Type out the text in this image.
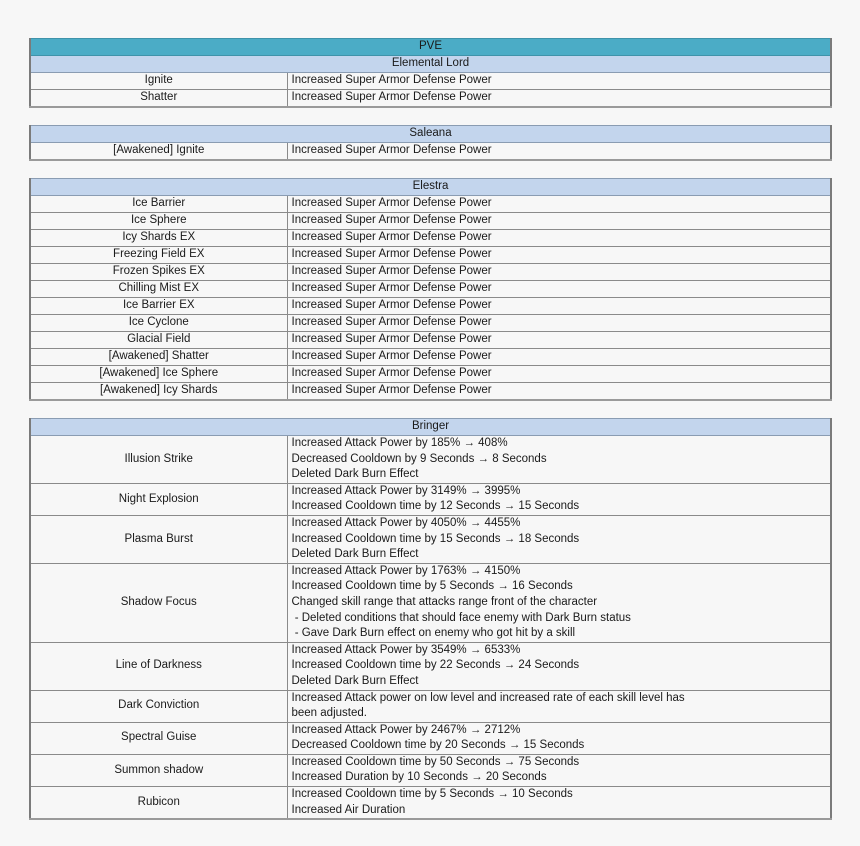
PVE	
Elemental Lord	
Ignite	Increased Super Armor Defense Power

Shatter	Increased Super Armor Defense Power
Saleana
[Awakened] Ignite	Increased Super Armor Defense Power
Elestra	
Ice Barrier	Increased Super Armor Defense Power

Ice Sphere	Increased Super Armor Defense Power

Icy Shards EX	Increased Super Armor Defense Power

Freezing Field EX	Increased Super Armor Defense Power

Frozen Spikes EX	Increased Super Armor Defense Power

Chilling Mist EX	Increased Super Armor Defense Power

Ice Barrier EX	Increased Super Armor Defense Power

Ice Cyclone	Increased Super Armor Defense Power

Glacial Field	Increased Super Armor Defense Power

[Awakened] Shatter	Increased Super Armor Defense Power

[Awakened] Ice Sphere	Increased Super Armor Defense Power

[Awakened] Icy Shards	Increased Super Armor Defense Power
Bringer	
Illusion Strike	Increased Attack Power by 185% → 408%
Decreased Cooldown by 9 Seconds → 8 Seconds
Deleted Dark Burn Effect

Night Explosion	Increased Attack Power by 3149% → 3995%
Increased Cooldown time by 12 Seconds → 15 Seconds

Plasma Burst	Increased Attack Power by 4050% → 4455%
Increased Cooldown time by 15 Seconds → 18 Seconds
Deleted Dark Burn Effect

Shadow Focus	Increased Attack Power by 1763% → 4150%
Increased Cooldown time by 5 Seconds → 16 Seconds
Changed skill range that attacks range front of the character
- Deleted conditions that should face enemy with Dark Burn status
- Gave Dark Burn effect on enemy who got hit by a skill

Line of Darkness	Increased Attack Power by 3549% → 6533%
Increased Cooldown time by 22 Seconds → 24 Seconds
Deleted Dark Burn Effect

Dark Conviction	Increased Attack power on low level and increased rate of each skill level has
been adjusted.

Spectral Guise	Increased Attack Power by 2467% → 2712%
Decreased Cooldown time by 20 Seconds → 15 Seconds

Summon shadow	Increased Cooldown time by 50 Seconds → 75 Seconds
Increased Duration by 10 Seconds → 20 Seconds

Rubicon	Increased Cooldown time by 5 Seconds → 10 Seconds
Increased Air Duration
